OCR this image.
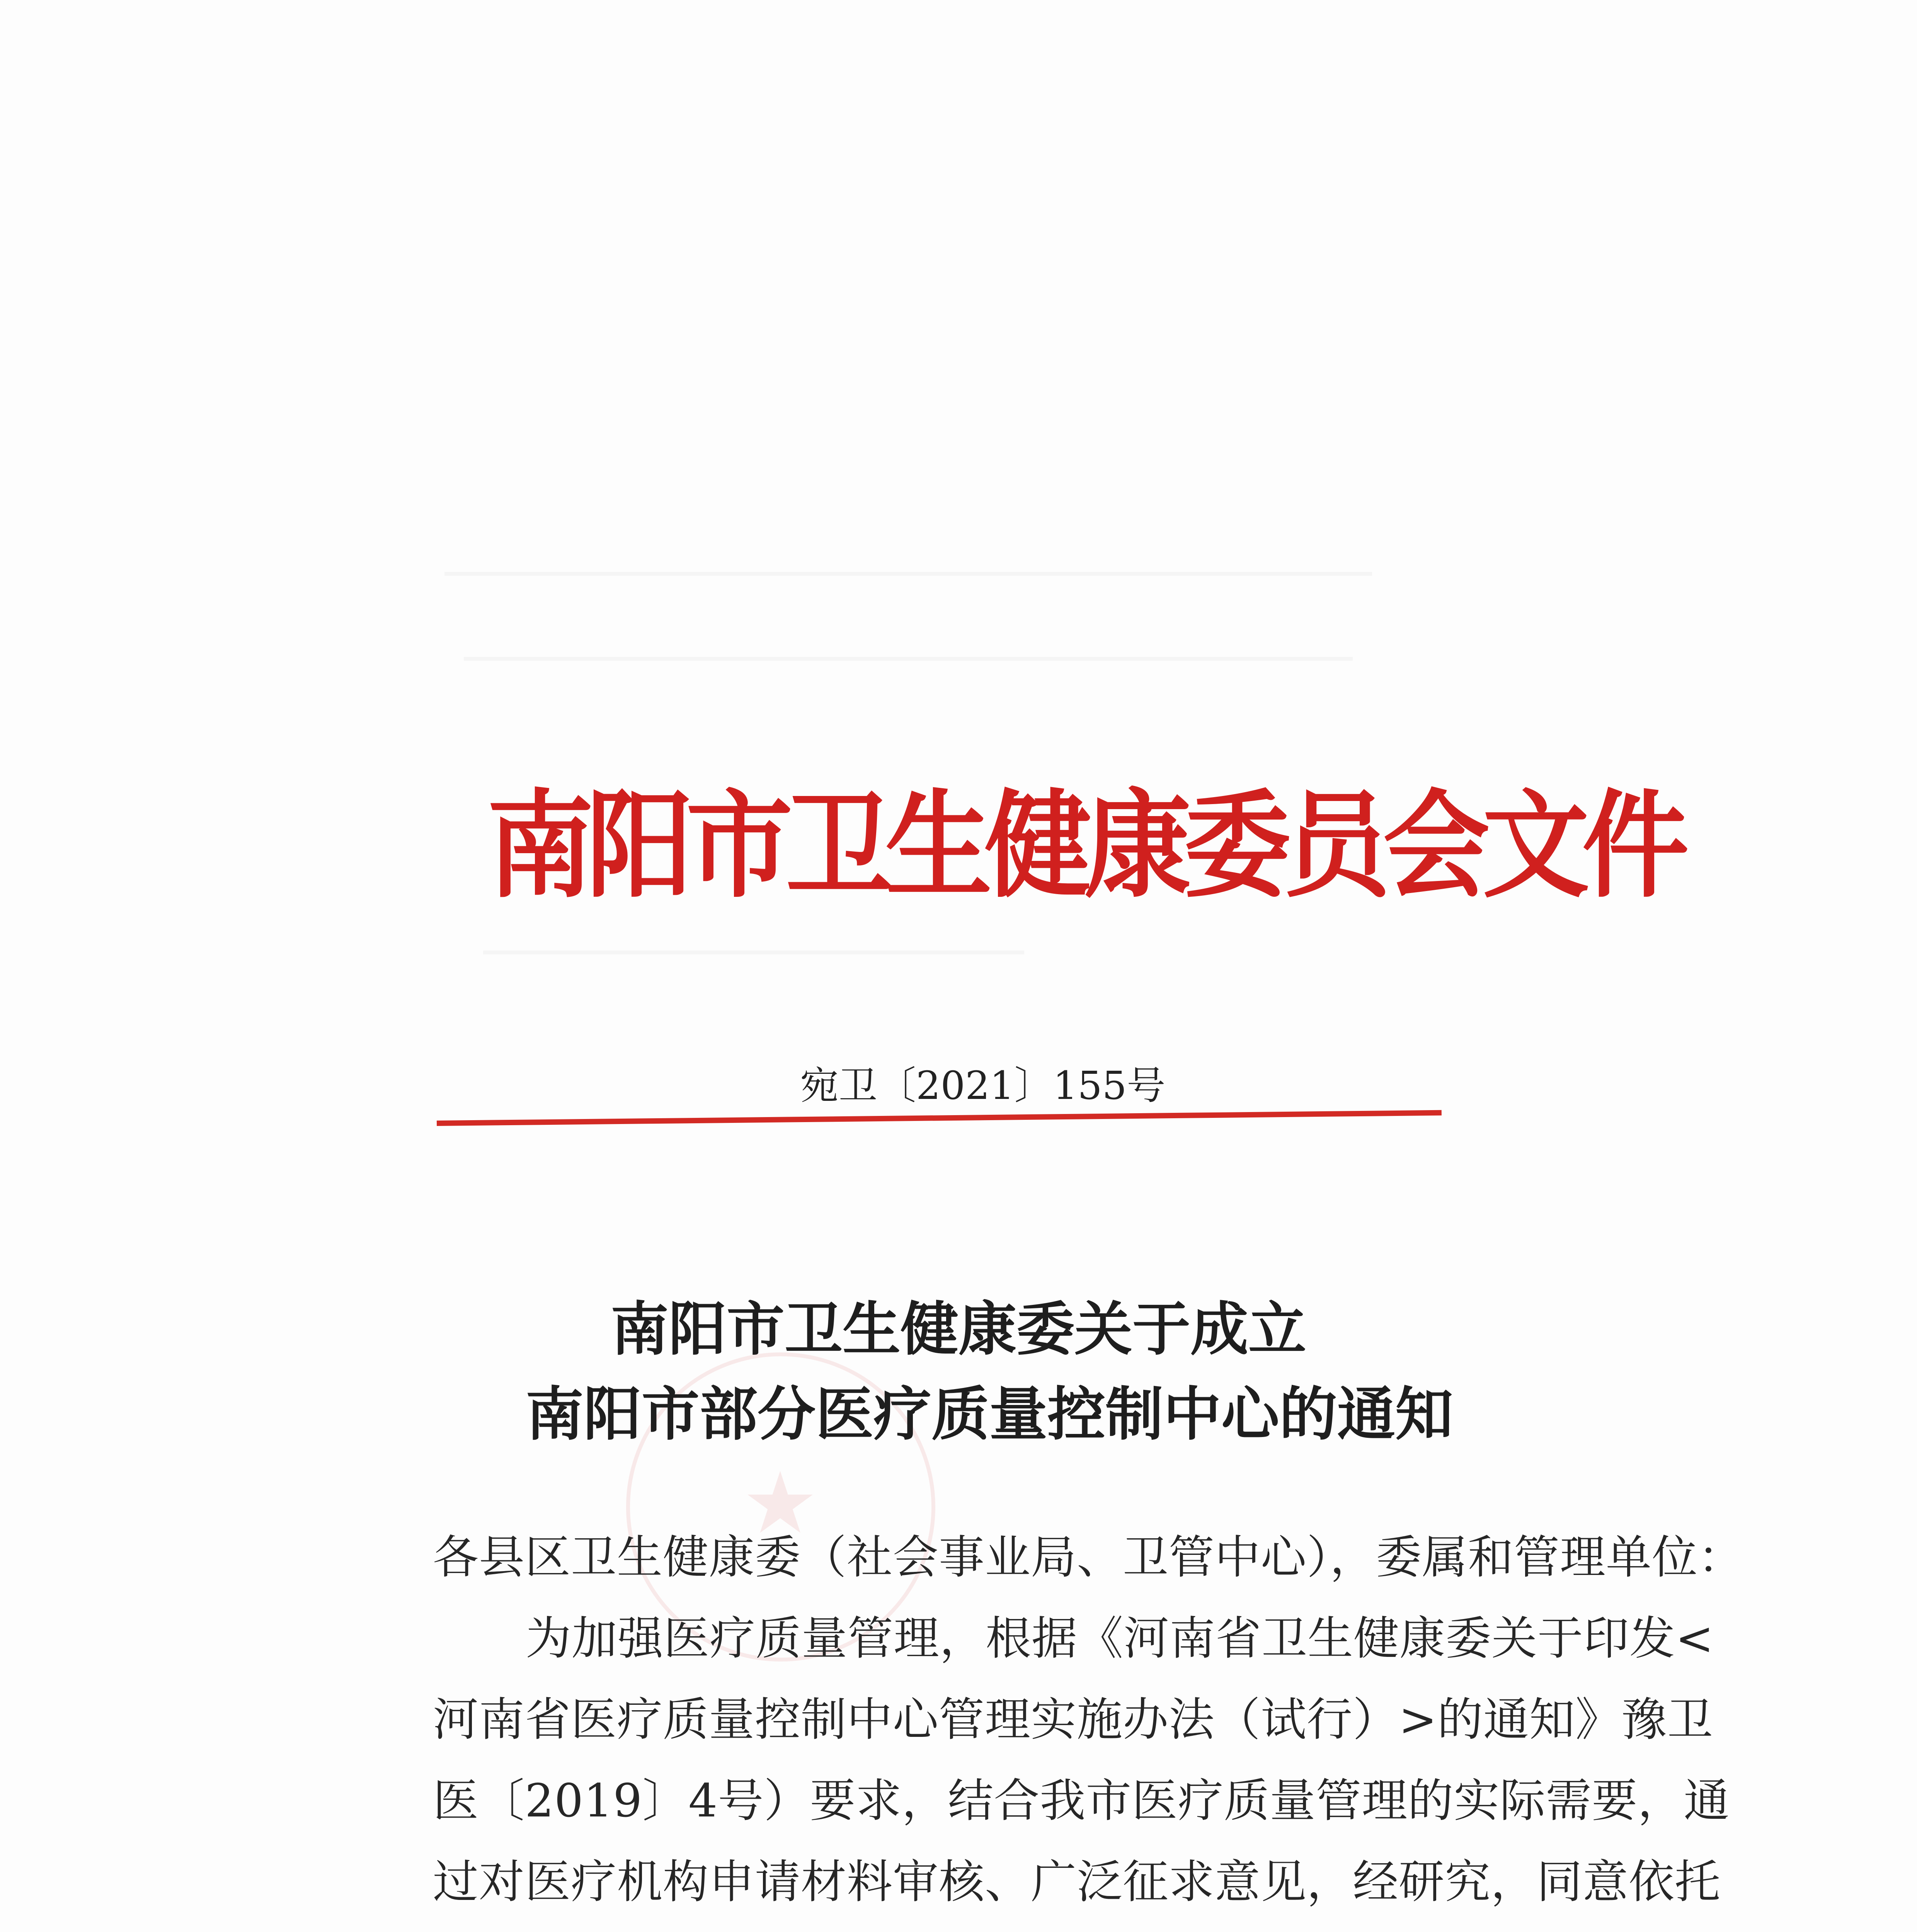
南阳市卫生健康委员会文件
宛卫〔2021〕155号
★
南阳市卫生健康委关于成立
南阳市部分医疗质量控制中心的通知
各县区卫生健康委（社会事业局、卫管中心），委属和管理单位：
为加强医疗质量管理，根据《河南省卫生健康委关于印发<
河南省医疗质量控制中心管理实施办法（试行）>的通知》豫卫
医〔2019〕4号）要求，结合我市医疗质量管理的实际需要，通
过对医疗机构申请材料审核、广泛征求意见，经研究，同意依托
